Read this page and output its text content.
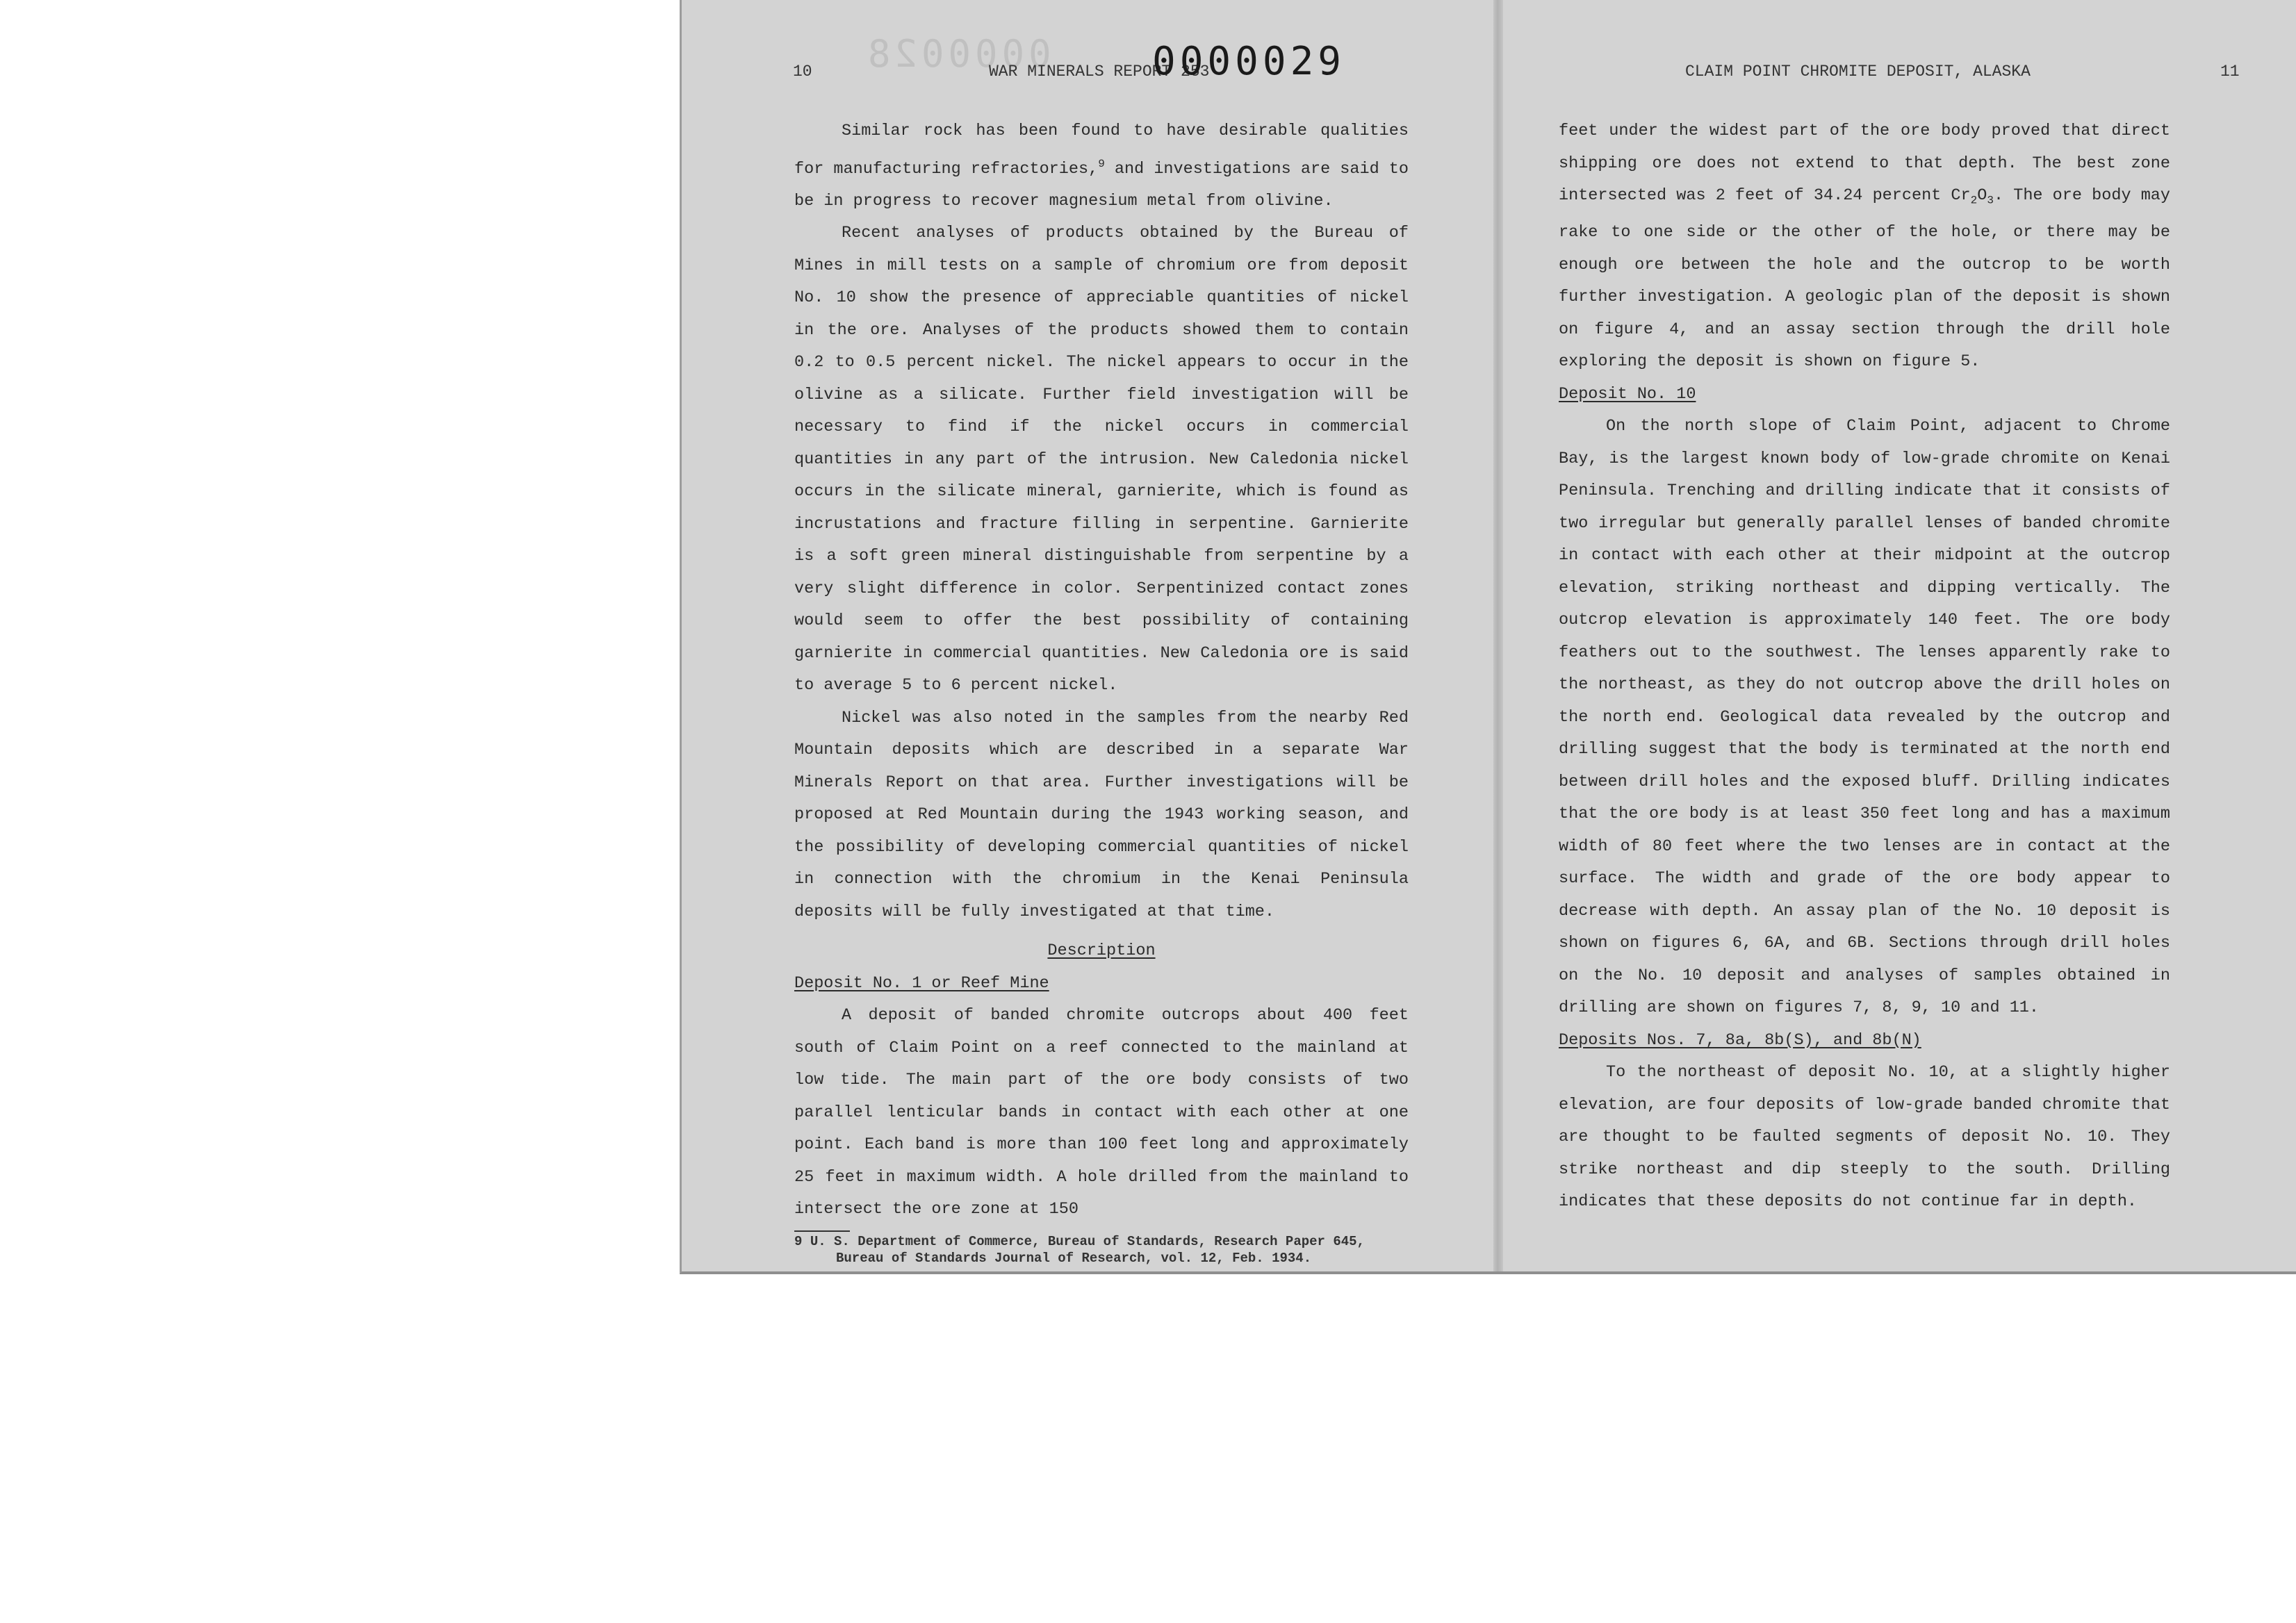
0000028
10	WAR MINERALS REPORT 253

Similar rock has been found to have desirable qualities for manufacturing refractories,$^9$ and investigations are said to be in progress to recover magnesium metal from olivine.

Recent analyses of products obtained by the Bureau of Mines in mill tests on a sample of chromium ore from deposit No. 10 show the presence of appreciable quantities of nickel in the ore. Analyses of the products showed them to contain 0.2 to 0.5 percent nickel. The nickel appears to occur in the olivine as a silicate. Further field investigation will be necessary to find if the nickel occurs in commercial quantities in any part of the intrusion. New Caledonia nickel occurs in the silicate mineral, garnierite, which is found as incrustations and fracture filling in serpentine. Garnierite is a soft green mineral distinguishable from serpentine by a very slight difference in color. Serpentinized contact zones would seem to offer the best possibility of containing garnierite in commercial quantities. New Caledonia ore is said to average 5 to 6 percent nickel.

Nickel was also noted in the samples from the nearby Red Mountain deposits which are described in a separate War Minerals Report on that area. Further investigations will be proposed at Red Mountain during the 1943 working season, and the possibility of developing commercial quantities of nickel in connection with the chromium in the Kenai Peninsula deposits will be fully investigated at that time.

Description

Deposit No. 1 or Reef Mine

A deposit of banded chromite outcrops about 400 feet south of Claim Point on a reef connected to the mainland at low tide. The main part of the ore body consists of two parallel lenticular bands in contact with each other at one point. Each band is more than 100 feet long and approximately 25 feet in maximum width. A hole drilled from the mainland to intersect the ore zone at 150

9 U. S. Department of Commerce, Bureau of Standards, Research Paper 645,
Bureau of Standards Journal of Research, vol. 12, Feb. 1934.
CLAIM POINT CHROMITE DEPOSIT, ALASKA	11

feet under the widest part of the ore body proved that direct shipping ore does not extend to that depth. The best zone intersected was 2 feet of 34.24 percent $Cr_2O_3$. The ore body may rake to one side or the other of the hole, or there may be enough ore between the hole and the outcrop to be worth further investigation. A geologic plan of the deposit is shown on figure 4, and an assay section through the drill hole exploring the deposit is shown on figure 5.

Deposit No. 10

On the north slope of Claim Point, adjacent to Chrome Bay, is the largest known body of low-grade chromite on Kenai Peninsula. Trenching and drilling indicate that it consists of two irregular but generally parallel lenses of banded chromite in contact with each other at their midpoint at the outcrop elevation, striking northeast and dipping vertically. The outcrop elevation is approximately 140 feet. The ore body feathers out to the southwest. The lenses apparently rake to the northeast, as they do not outcrop above the drill holes on the north end. Geological data revealed by the outcrop and drilling suggest that the body is terminated at the north end between drill holes and the exposed bluff. Drilling indicates that the ore body is at least 350 feet long and has a maximum width of 80 feet where the two lenses are in contact at the surface. The width and grade of the ore body appear to decrease with depth. An assay plan of the No. 10 deposit is shown on figures 6, 6A, and 6B. Sections through drill holes on the No. 10 deposit and analyses of samples obtained in drilling are shown on figures 7, 8, 9, 10 and 11.

Deposits Nos. 7, 8a, 8b(S), and 8b(N)

To the northeast of deposit No. 10, at a slightly higher elevation, are four deposits of low-grade banded chromite that are thought to be faulted segments of deposit No. 10. They strike northeast and dip steeply to the south. Drilling indicates that these deposits do not continue far in depth.

0000029
